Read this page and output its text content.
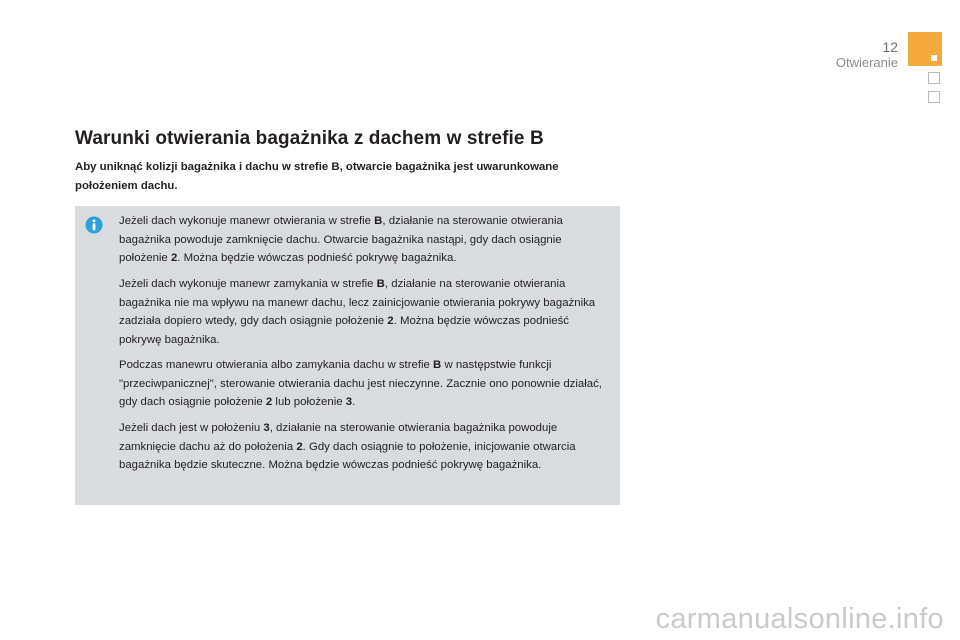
12
Otwieranie
Warunki otwierania bagażnika z dachem w strefie B

Aby uniknąć kolizji bagażnika i dachu w strefie B, otwarcie bagażnika jest uwarunkowane położeniem dachu.

Jeżeli dach wykonuje manewr otwierania w strefie B, działanie na sterowanie otwierania bagażnika powoduje zamknięcie dachu. Otwarcie bagażnika nastąpi, gdy dach osiągnie położenie 2. Można będzie wówczas podnieść pokrywę bagażnika.

Jeżeli dach wykonuje manewr zamykania w strefie B, działanie na sterowanie otwierania bagażnika nie ma wpływu na manewr dachu, lecz zainicjowanie otwierania pokrywy bagażnika zadziała dopiero wtedy, gdy dach osiągnie położenie 2. Można będzie wówczas podnieść pokrywę bagażnika.

Podczas manewru otwierania albo zamykania dachu w strefie B w następstwie funkcji "przeciwpanicznej", sterowanie otwierania dachu jest nieczynne. Zacznie ono ponownie działać, gdy dach osiągnie położenie 2 lub położenie 3.

Jeżeli dach jest w położeniu 3, działanie na sterowanie otwierania bagażnika powoduje zamknięcie dachu aż do położenia 2. Gdy dach osiągnie to położenie, inicjowanie otwarcia bagażnika będzie skuteczne. Można będzie wówczas podnieść pokrywę bagażnika.

carmanualsonline.info
